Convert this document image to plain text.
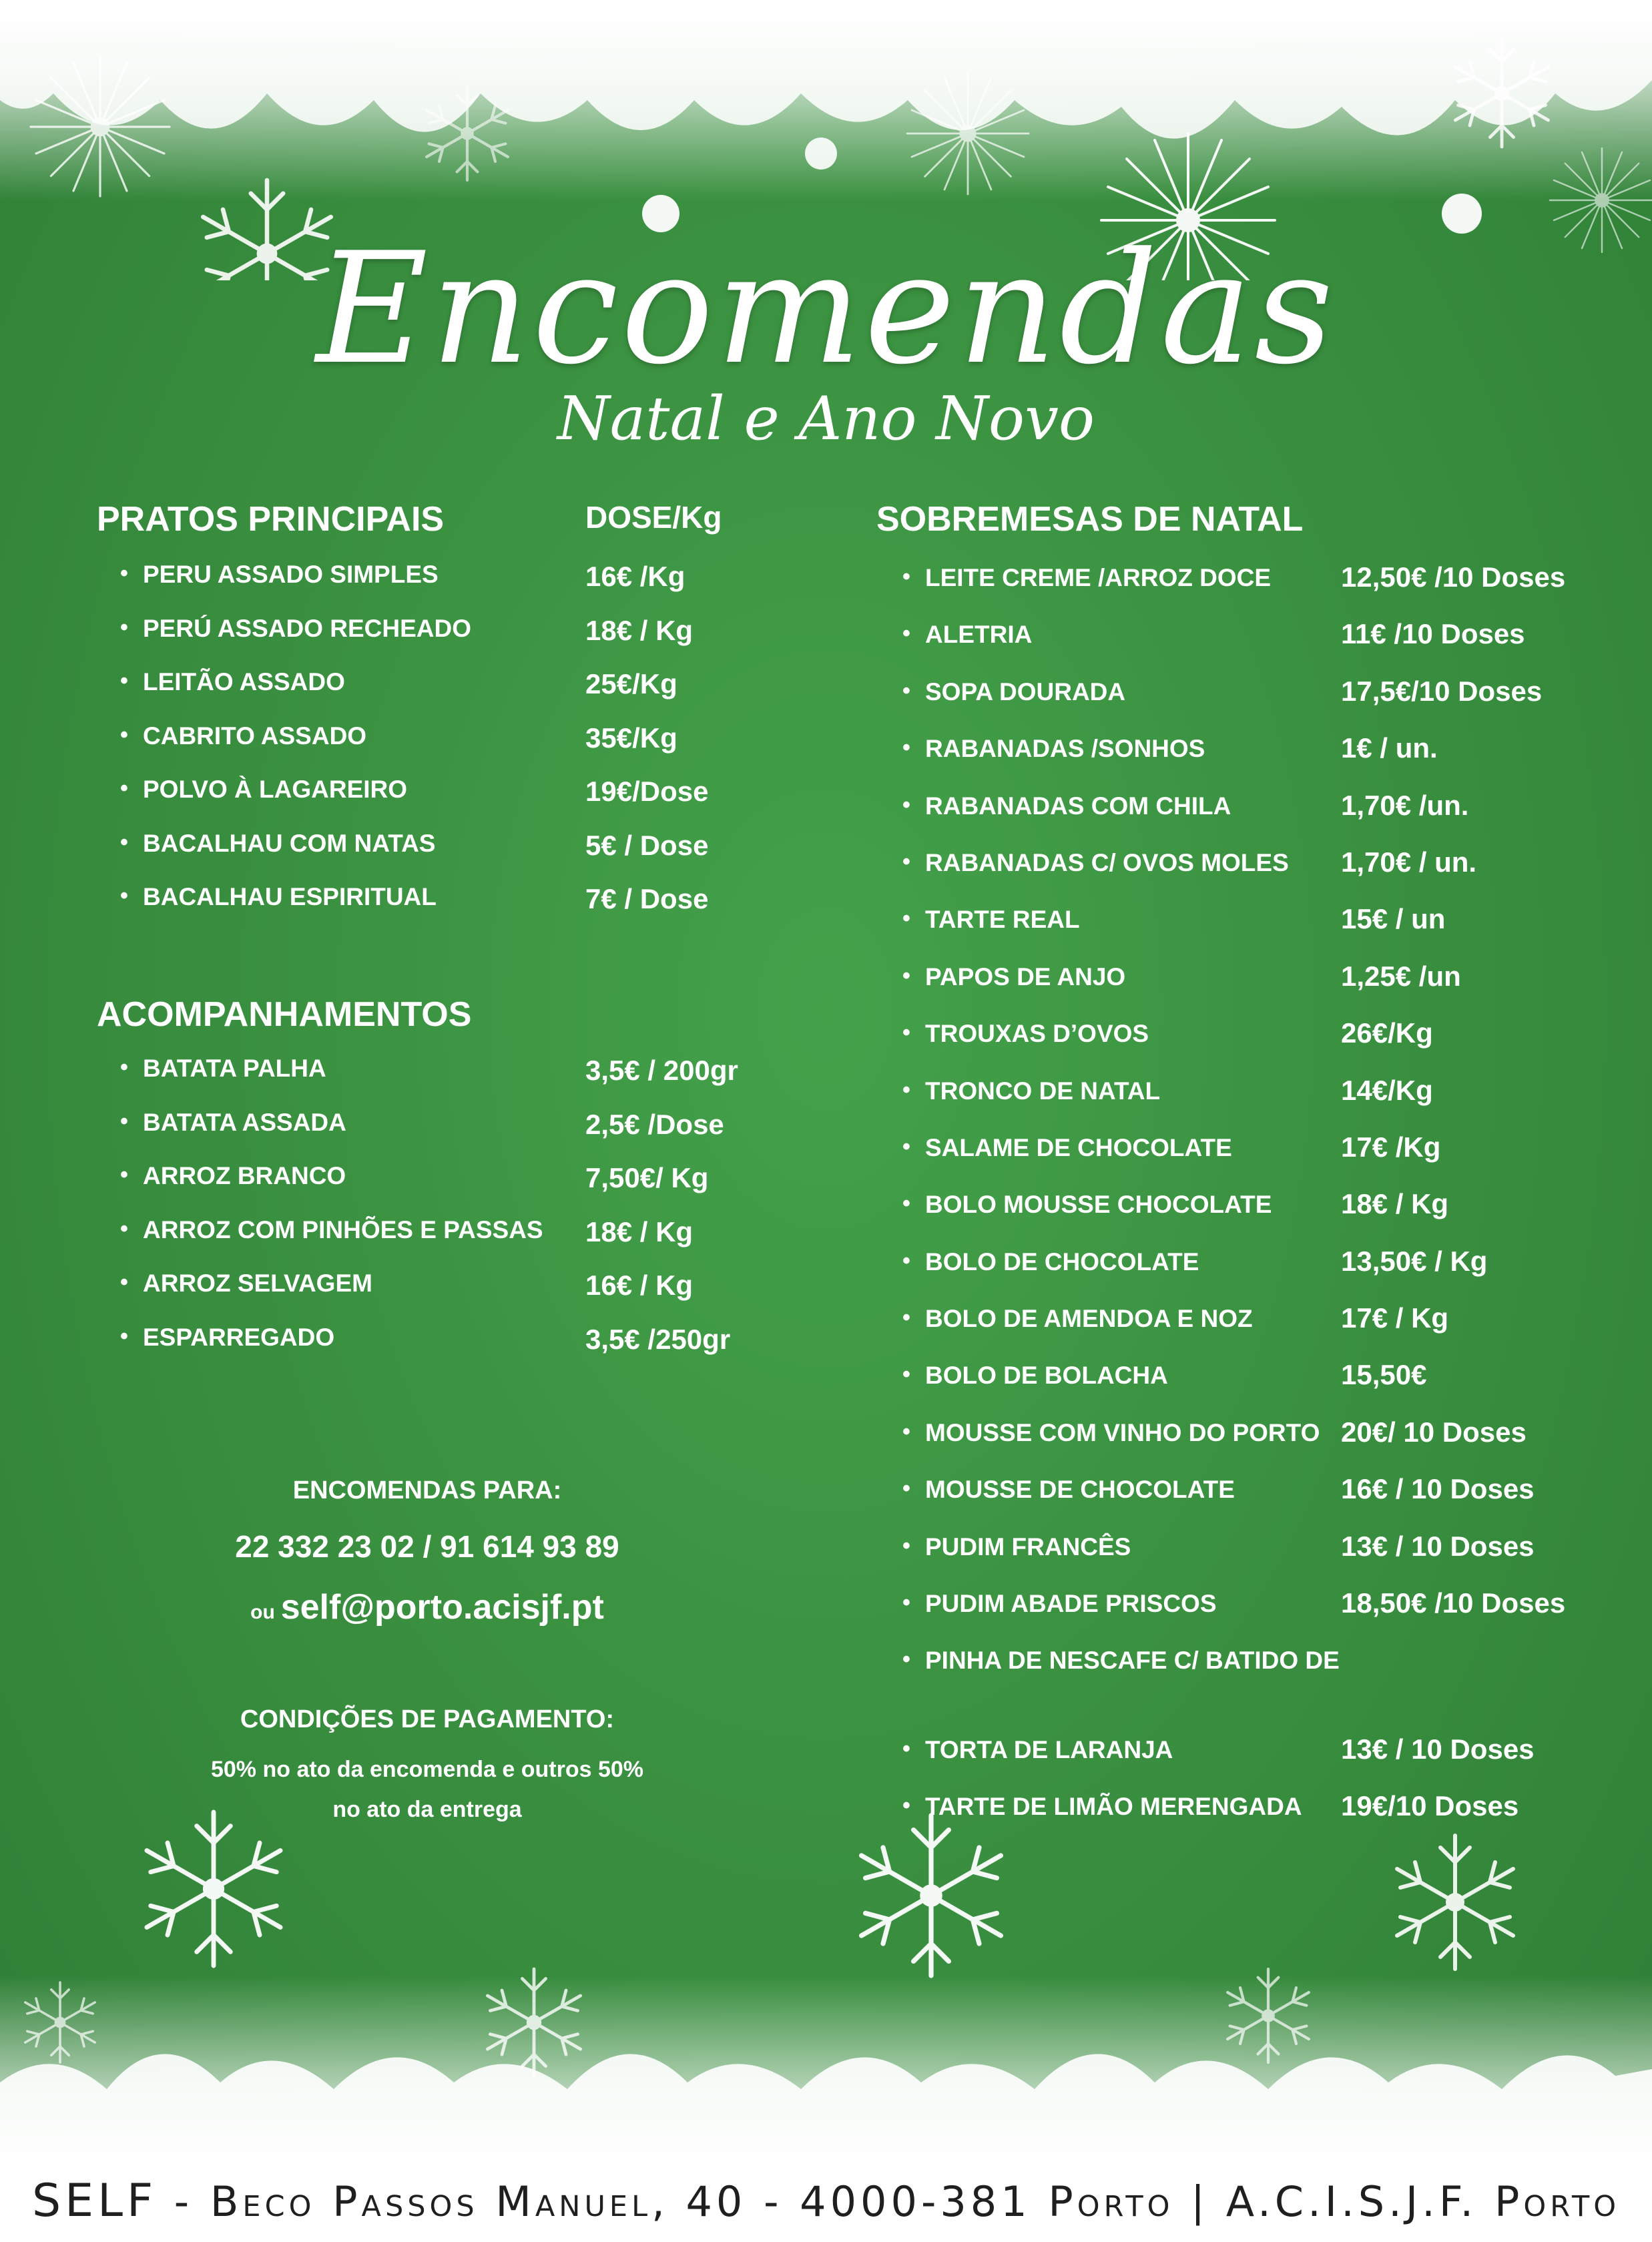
Encomendas
Natal e Ano Novo
PRATOS PRINCIPAIS	DOSE/Kg
• PERU ASSADO SIMPLES	16€ /Kg
• PERÚ ASSADO RECHEADO	18€ / Kg
• LEITÃO ASSADO	25€/Kg
• CABRITO ASSADO	35€/Kg
• POLVO À LAGAREIRO	19€/Dose
• BACALHAU COM NATAS	5€ / Dose
• BACALHAU ESPIRITUAL	7€ / Dose
ACOMPANHAMENTOS
• BATATA PALHA	3,5€ / 200gr
• BATATA ASSADA	2,5€ /Dose
• ARROZ BRANCO	7,50€/ Kg
• ARROZ COM PINHÕES E PASSAS 18€ / Kg
• ARROZ SELVAGEM	16€ / Kg
• ESPARREGADO	3,5€ /250gr
SOBREMESAS DE NATAL
• LEITE CREME /ARROZ DOCE 12,50€ /10 Doses
• ALETRIA	11€ /10 Doses
• SOPA DOURADA	17,5€/10 Doses
• RABANADAS /SONHOS	1€ / un.
• RABANADAS COM CHILA	1,70€ /un.
• RABANADAS C/ OVOS MOLES 1,70€ / un.
• TARTE REAL	15€ / un
• PAPOS DE ANJO	1,25€ /un
• TROUXAS D’OVOS	26€/Kg
• TRONCO DE NATAL	14€/Kg
• SALAME DE CHOCOLATE	17€ /Kg
• BOLO MOUSSE CHOCOLATE 18€ / Kg
• BOLO DE CHOCOLATE	13,50€ / Kg
• BOLO DE AMENDOA E NOZ	17€ / Kg
• BOLO DE BOLACHA	15,50€
• MOUSSE COM VINHO DO PORTO 20€/ 10 Doses
• MOUSSE DE CHOCOLATE	16€ / 10 Doses
• PUDIM FRANCÊS	13€ / 10 Doses
• PUDIM ABADE PRISCOS	18,50€ /10 Doses
• PINHA DE NESCAFE C/ BATIDO DE
• TORTA DE LARANJA	13€ / 10 Doses
• TARTE DE LIMÃO MERENGADA 19€/10 Doses
ENCOMENDAS PARA:
22 332 23 02 / 91 614 93 89
ou self@porto.acisjf.pt
CONDIÇÕES DE PAGAMENTO:
50% no ato da encomenda e outros 50%
no ato da entrega
SELF - Beco Passos Manuel, 40 - 4000-381 Porto | A.C.I.S.J.F. Porto
